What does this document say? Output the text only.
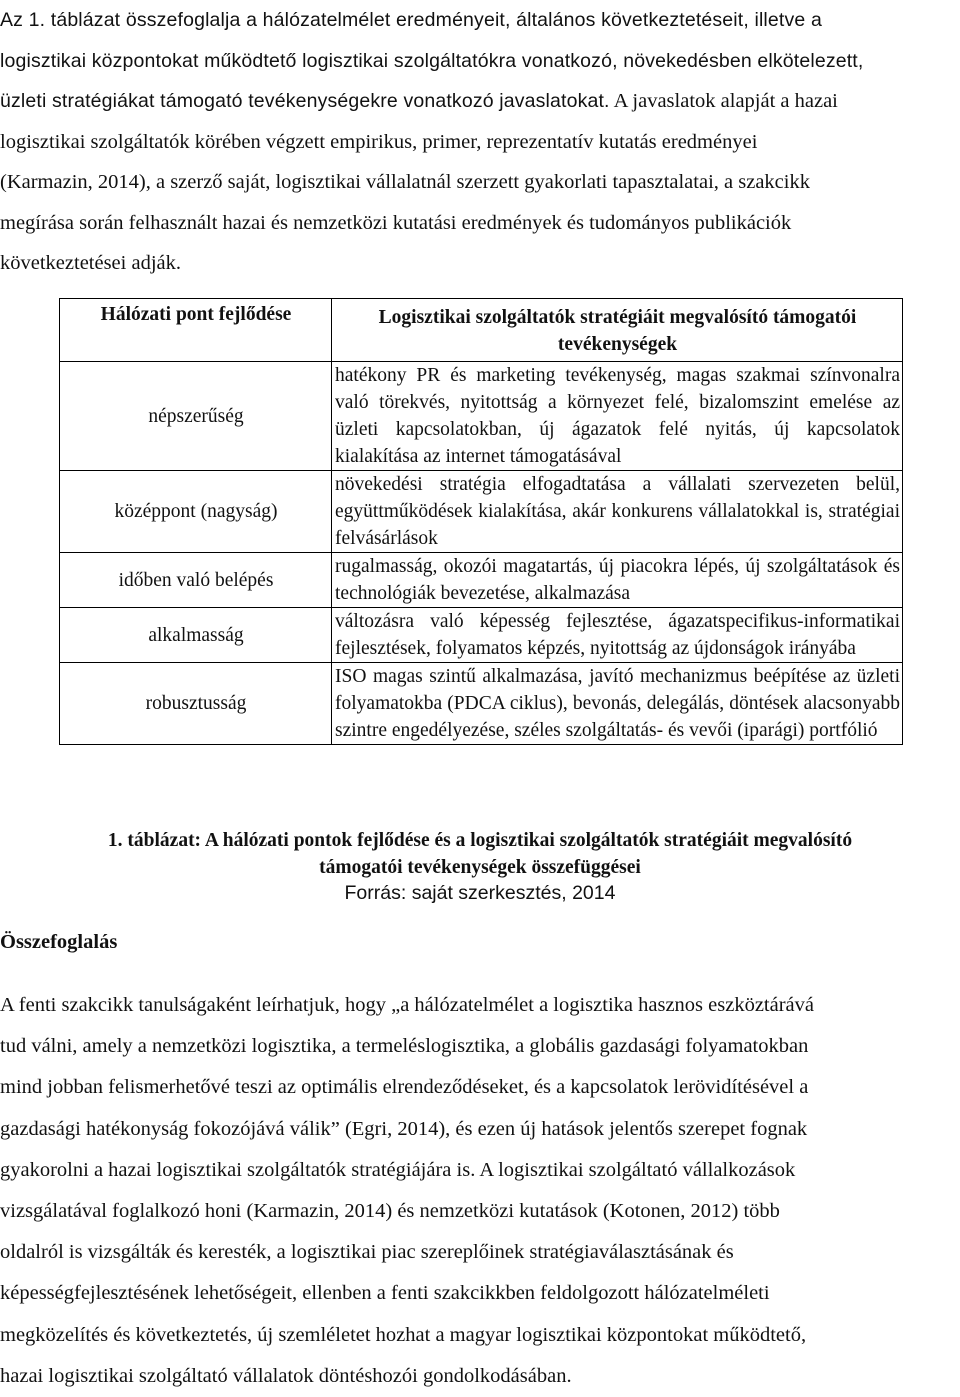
Az 1. táblázat összefoglalja a hálózatelmélet eredményeit, általános következtetéseit, illetve a
logisztikai központokat működtető logisztikai szolgáltatókra vonatkozó, növekedésben elkötelezett,
üzleti stratégiákat támogató tevékenységekre vonatkozó javaslatokat. A javaslatok alapját a hazai
logisztikai szolgáltatók körében végzett empirikus, primer, reprezentatív kutatás eredményei
(Karmazin, 2014), a szerző saját, logisztikai vállalatnál szerzett gyakorlati tapasztalatai, a szakcikk
megírása során felhasznált hazai és nemzetközi kutatási eredmények és tudományos publikációk
következtetései adják.

Hálózati pont fejlődése	Logisztikai szolgáltatók stratégiáit megvalósító támogatói tevékenységek
népszerűség	hatékony PR és marketing tevékenység, magas szakmai színvonalra való törekvés, nyitottság a környezet felé, bizalomszint emelése az üzleti kapcsolatokban, új ágazatok felé nyitás, új kapcsolatok kialakítása az internet támogatásával
középpont (nagyság)	növekedési stratégia elfogadtatása a vállalati szervezeten belül, együttműködések kialakítása, akár konkurens vállalatokkal is, stratégiai felvásárlások
időben való belépés	rugalmasság, okozói magatartás, új piacokra lépés, új szolgáltatások és technológiák bevezetése, alkalmazása
alkalmasság	változásra való képesség fejlesztése, ágazatspecifikus-informatikai fejlesztések, folyamatos képzés, nyitottság az újdonságok irányába
robusztusság	ISO magas szintű alkalmazása, javító mechanizmus beépítése az üzleti folyamatokba (PDCA ciklus), bevonás, delegálás, döntések alacsonyabb szintre engedélyezése, széles szolgáltatás- és vevői (iparági) portfólió
1. táblázat: A hálózati pontok fejlődése és a logisztikai szolgáltatók stratégiáit megvalósító
támogatói tevékenységek összefüggései
Forrás: saját szerkesztés, 2014
Összefoglalás

A fenti szakcikk tanulságaként leírhatjuk, hogy „a hálózatelmélet a logisztika hasznos eszköztárává
tud válni, amely a nemzetközi logisztika, a termeléslogisztika, a globális gazdasági folyamatokban
mind jobban felismerhetővé teszi az optimális elrendeződéseket, és a kapcsolatok lerövidítésével a
gazdasági hatékonyság fokozójává válik” (Egri, 2014), és ezen új hatások jelentős szerepet fognak
gyakorolni a hazai logisztikai szolgáltatók stratégiájára is. A logisztikai szolgáltató vállalkozások
vizsgálatával foglalkozó honi (Karmazin, 2014) és nemzetközi kutatások (Kotonen, 2012) több
oldalról is vizsgálták és keresték, a logisztikai piac szereplőinek stratégiaválasztásának és
képességfejlesztésének lehetőségeit, ellenben a fenti szakcikkben feldolgozott hálózatelméleti
megközelítés és következtetés, új szemléletet hozhat a magyar logisztikai központokat működtető,
hazai logisztikai szolgáltató vállalatok döntéshozói gondolkodásában.
